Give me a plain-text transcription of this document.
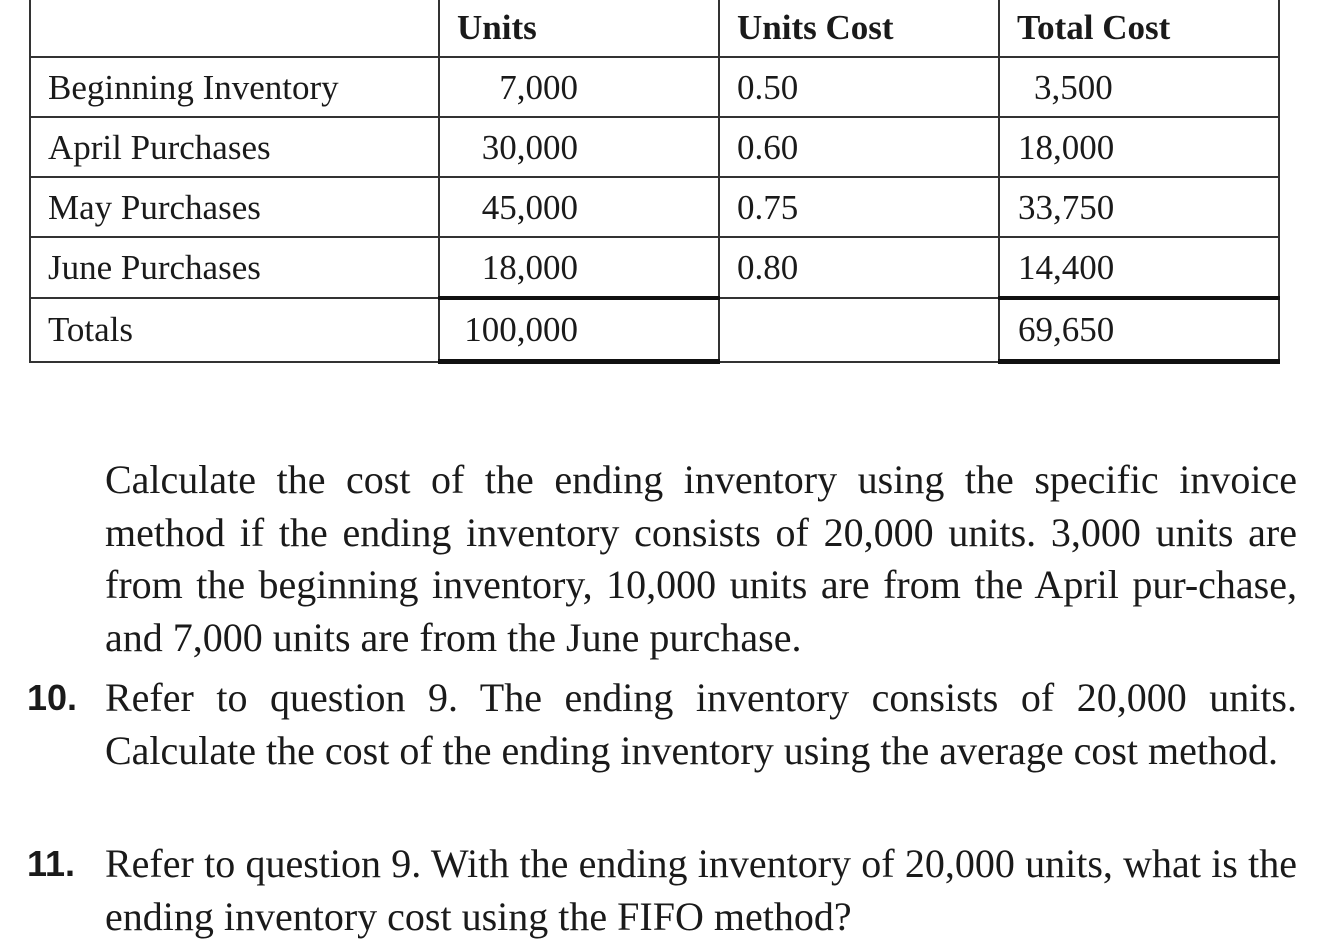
	Units	Units Cost	Total Cost
Beginning Inventory	7,000	0.50	3,500
April Purchases	30,000	0.60	18,000
May Purchases	45,000	0.75	33,750
June Purchases	18,000	0.80	14,400
Totals	100,000		69,650
Calculate the cost of the ending inventory using the specific invoice method if the ending inventory consists of 20,000 units. 3,000 units are from the beginning inventory, 10,000 units are from the April pur-chase, and 7,000 units are from the June purchase.
10. Refer to question 9. The ending inventory consists of 20,000 units. Calculate the cost of the ending inventory using the average cost method.
11. Refer to question 9. With the ending inventory of 20,000 units, what is the ending inventory cost using the FIFO method?
